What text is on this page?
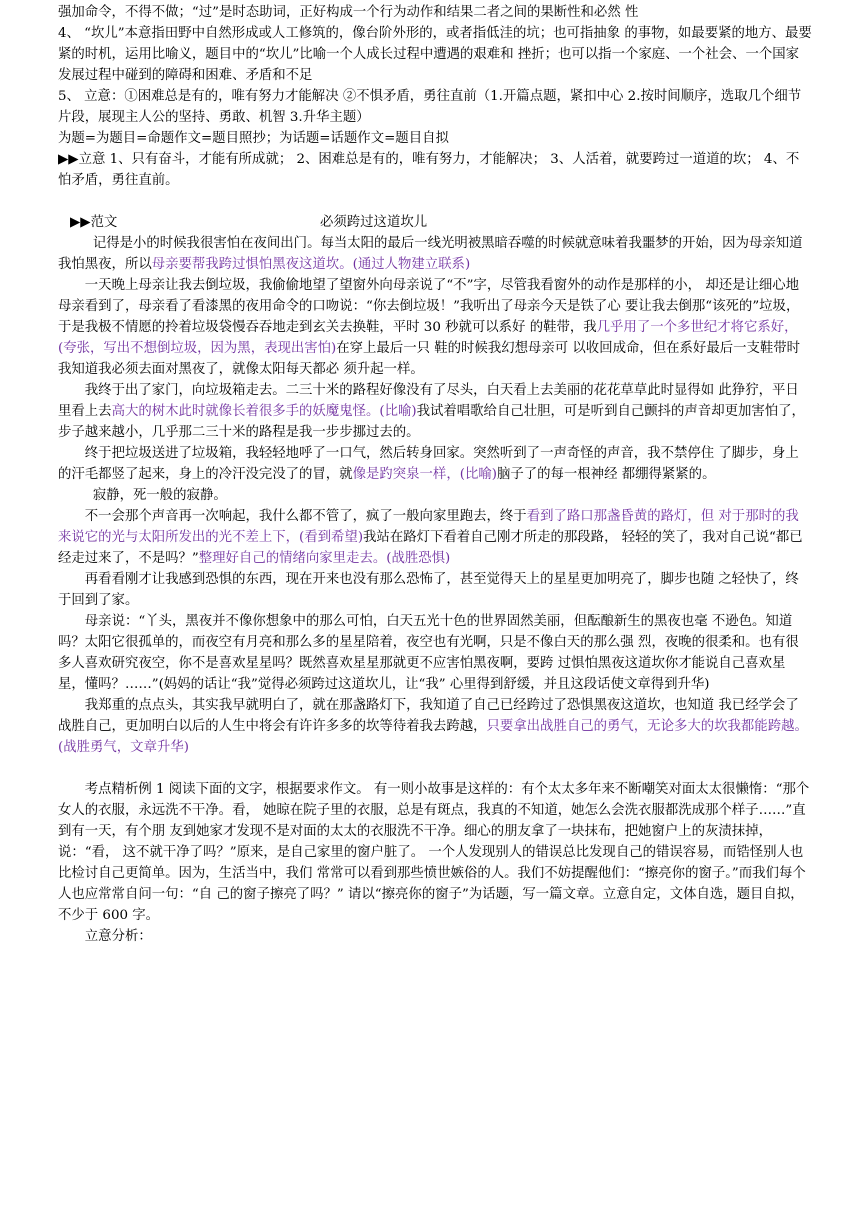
强加命令，不得不做；“过”是时态助词，正好构成一个行为动作和结果二者之间的果断性和必然 性

4、 “坎儿”本意指田野中自然形成或人工修筑的，像台阶外形的，或者指低洼的坑；也可指抽象 的事物，如最要紧的地方、最要紧的时机，运用比喻义，题目中的“坎儿”比喻一个人成长过程中遭遇的艰难和 挫折；也可以指一个家庭、一个社会、一个国家发展过程中碰到的障碍和困难、矛盾和不足

5、 立意：①困难总是有的，唯有努力才能解决 ②不惧矛盾，勇往直前（1.开篇点题，紧扣中心 2.按时间顺序，选取几个细节片段，展现主人公的坚持、勇敢、机智 3.升华主题）

为题=为题目=命题作文=题目照抄；为话题=话题作文=题目自拟

▶▶立意 1、只有奋斗，才能有所成就； 2、困难总是有的，唯有努力，才能解决； 3、人活着，就要跨过一道道的坎； 4、不怕矛盾，勇往直前。

▶▶范文	必须跨过这道坎儿

记得是小的时候我很害怕在夜间出门。每当太阳的最后一线光明被黑暗吞噬的时候就意味着我噩梦的开始，因为母亲知道我怕黑夜，所以母亲要帮我跨过惧怕黑夜这道坎。(通过人物建立联系)

一天晚上母亲让我去倒垃圾，我偷偷地望了望窗外向母亲说了“不”字，尽管我看窗外的动作是那样的小， 却还是让细心地母亲看到了，母亲看了看漆黑的夜用命令的口吻说：“你去倒垃圾！”我听出了母亲今天是铁了心 要让我去倒那“该死的”垃圾，于是我极不情愿的拎着垃圾袋慢吞吞地走到玄关去换鞋，平时 30 秒就可以系好 的鞋带，我几乎用了一个多世纪才将它系好，(夸张，写出不想倒垃圾，因为黑，表现出害怕)在穿上最后一只 鞋的时候我幻想母亲可 以收回成命，但在系好最后一支鞋带时我知道我必须去面对黑夜了，就像太阳每天都必 须升起一样。

我终于出了家门，向垃圾箱走去。二三十米的路程好像没有了尽头，白天看上去美丽的花花草草此时显得如 此狰狞，平日里看上去高大的树木此时就像长着很多手的妖魔鬼怪。(比喻)我试着唱歌给自己壮胆，可是听到自己颤抖的声音却更加害怕了，步子越来越小，几乎那二三十米的路程是我一步步挪过去的。

终于把垃圾送进了垃圾箱，我轻轻地呼了一口气，然后转身回家。突然听到了一声奇怪的声音，我不禁停住 了脚步，身上的汗毛都竖了起来，身上的冷汗没完没了的冒，就像是趵突泉一样，(比喻)脑子了的每一根神经 都绷得紧紧的。

寂静，死一般的寂静。

不一会那个声音再一次响起，我什么都不管了，疯了一般向家里跑去，终于看到了路口那盏昏黄的路灯，但 对于那时的我来说它的光与太阳所发出的光不差上下，(看到希望)我站在路灯下看着自己刚才所走的那段路， 轻轻的笑了，我对自己说“都已经走过来了，不是吗？”整理好自己的情绪向家里走去。(战胜恐惧)

再看看刚才让我感到恐惧的东西，现在开来也没有那么恐怖了，甚至觉得天上的星星更加明亮了，脚步也随 之轻快了，终于回到了家。

母亲说：“丫头，黑夜并不像你想象中的那么可怕，白天五光十色的世界固然美丽，但酝酿新生的黑夜也毫 不逊色。知道吗？太阳它很孤单的，而夜空有月亮和那么多的星星陪着，夜空也有光啊，只是不像白天的那么强 烈，夜晚的很柔和。也有很多人喜欢研究夜空，你不是喜欢星星吗？既然喜欢星星那就更不应害怕黑夜啊，要跨 过惧怕黑夜这道坎你才能说自己喜欢星星，懂吗？……”(妈妈的话让“我”觉得必须跨过这道坎儿，让“我” 心里得到舒缓，并且这段话使文章得到升华)

我郑重的点点头，其实我早就明白了，就在那盏路灯下，我知道了自己已经跨过了恐惧黑夜这道坎，也知道 我已经学会了战胜自己，更加明白以后的人生中将会有许许多多的坎等待着我去跨越，只要拿出战胜自己的勇气，无论多大的坎我都能跨越。 (战胜勇气，文章升华)

考点精析例 1 阅读下面的文字，根据要求作文。 有一则小故事是这样的：有个太太多年来不断嘲笑对面太太很懒惰：“那个女人的衣服，永远洗不干净。看， 她晾在院子里的衣服，总是有斑点，我真的不知道，她怎么会洗衣服都洗成那个样子……”直到有一天，有个朋 友到她家才发现不是对面的太太的衣服洗不干净。细心的朋友拿了一块抹布，把她窗户上的灰渍抹掉，说：“看， 这不就干净了吗？”原来，是自己家里的窗户脏了。 一个人发现别人的错误总比发现自己的错误容易，而锆怪别人也比检讨自己更简单。因为，生活当中，我们 常常可以看到那些愤世嫉俗的人。我们不妨提醒他们：“擦亮你的窗子。”而我们每个人也应常常自问一句：“自 己的窗子擦亮了吗？” 请以“擦亮你的窗子”为话题，写一篇文章。立意自定，文体自选，题目自拟，不少于 600 字。

立意分析：
